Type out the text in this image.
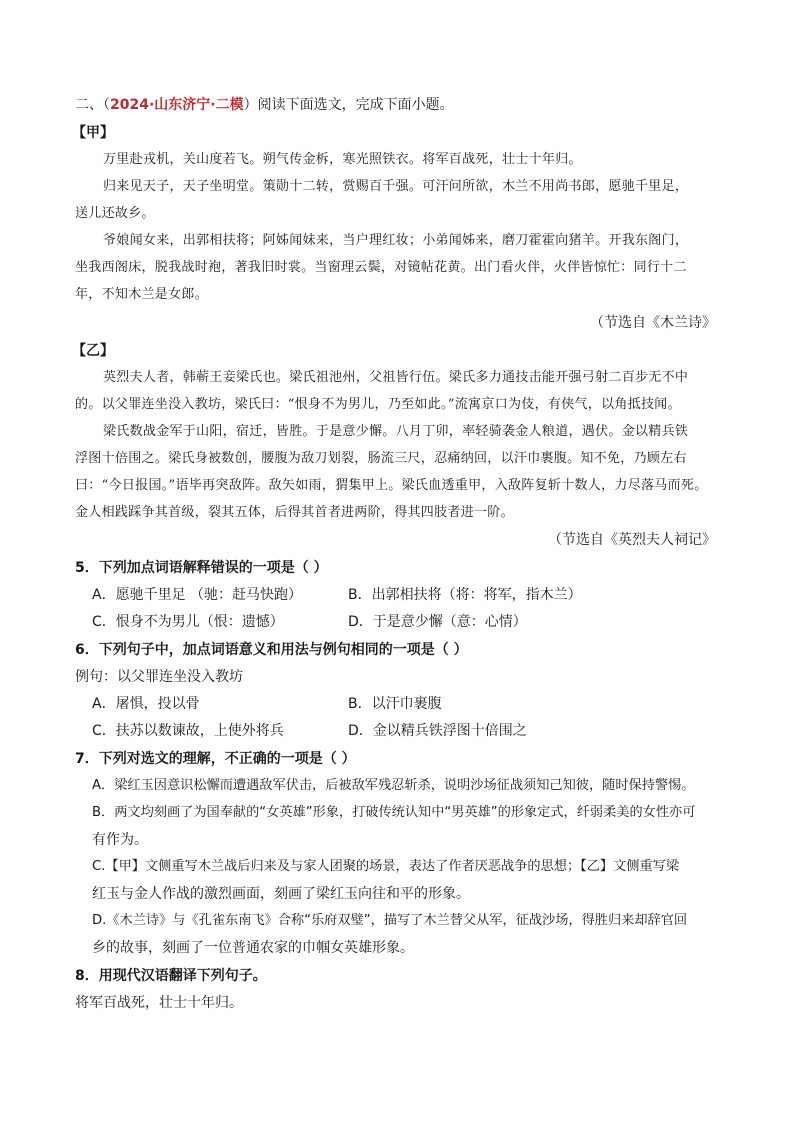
二、（2024·山东济宁·二模）阅读下面选文，完成下面小题。
【甲】
万里赴戎机，关山度若飞。朔气传金柝，寒光照铁衣。将军百战死，壮士十年归。
归来见天子，天子坐明堂。策勋十二转，赏赐百千强。可汗问所欲，木兰不用尚书郎，愿驰千里足，
送儿还故乡。
爷娘闻女来，出郭相扶将；阿姊闻妹来，当户理红妆；小弟闻姊来，磨刀霍霍向猪羊。开我东阁门，
坐我西阁床，脱我战时袍，著我旧时裳。当窗理云鬓，对镜帖花黄。出门看火伴，火伴皆惊忙：同行十二
年，不知木兰是女郎。
（节选自《木兰诗》
【乙】
英烈夫人者，韩蕲王妾梁氏也。梁氏祖池州，父祖皆行伍。梁氏多力通技击能开强弓射二百步无不中
的。以父罪连坐没入教坊，梁氏曰：“恨身不为男儿，乃至如此。”流寓京口为伎，有侠气，以角抵技闻。
梁氏数战金军于山阳，宿迁，皆胜。于是意少懈。八月丁卯，率轻骑袭金人粮道，遇伏。金以精兵铁
浮图十倍围之。梁氏身被数创，腰腹为敌刀划裂，肠流三尺，忍痛纳回，以汗巾裹腹。知不免，乃顾左右
曰：“今日报国。”语毕再突敌阵。敌矢如雨，猬集甲上。梁氏血透重甲，入敌阵复斩十数人，力尽落马而死。
金人相践踩争其首级，裂其五体，后得其首者进两阶，得其四肢者进一阶。
（节选自《英烈夫人祠记》
5．下列加点词语解释错误的一项是（ ）
A．愿驰千里足 （驰：赶马快跑）	B．出郭相扶将（将：将军，指木兰）
C．恨身不为男儿（恨：遗憾）	D．于是意少懈（意：心情）
6．下列句子中，加点词语意义和用法与例句相同的一项是（ ）
例句：以父罪连坐没入教坊
A．屠惧，投以骨	B．以汗巾裹腹
C．扶苏以数谏故，上使外将兵	D．金以精兵铁浮图十倍围之
7．下列对选文的理解，不正确的一项是（ ）
A．梁红玉因意识松懈而遭遇敌军伏击，后被敌军残忍斩杀，说明沙场征战须知己知彼，随时保持警惕。
B．两文均刻画了为国奉献的“女英雄”形象，打破传统认知中“男英雄”的形象定式，纤弱柔美的女性亦可
有作为。
C.【甲】文侧重写木兰战后归来及与家人团聚的场景，表达了作者厌恶战争的思想；【乙】文侧重写梁
红玉与金人作战的激烈画面，刻画了梁红玉向往和平的形象。
D.《木兰诗》与《孔雀东南飞》合称“乐府双璧”，描写了木兰替父从军，征战沙场，得胜归来却辞官回
乡的故事，刻画了一位普通农家的巾帼女英雄形象。
8．用现代汉语翻译下列句子。
将军百战死，壮士十年归。
